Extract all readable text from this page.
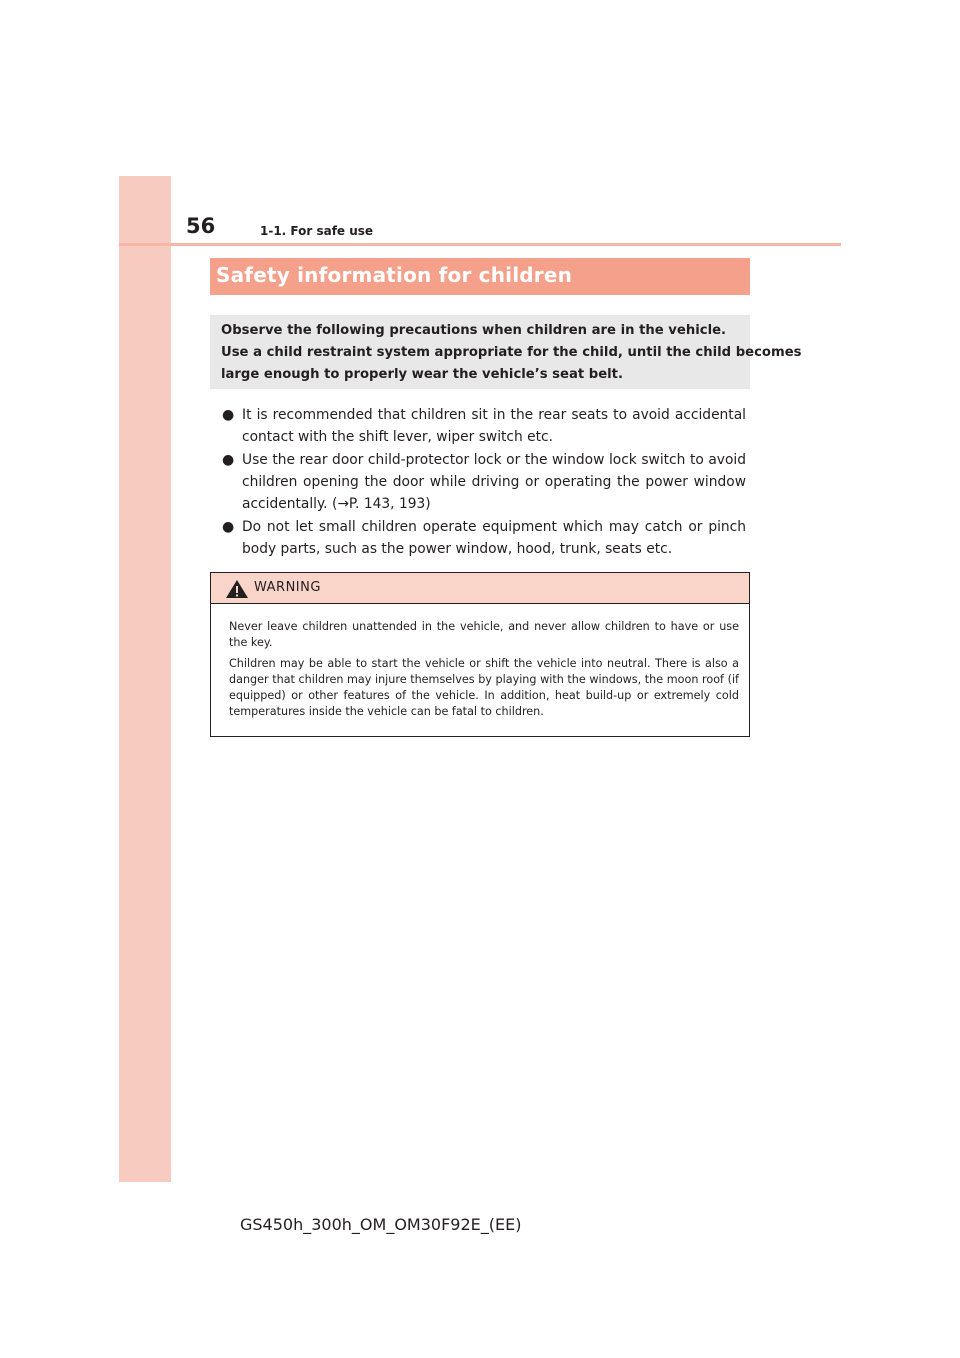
56	1-1. For safe use
Safety information for children
Observe the following precautions when children are in the vehicle.
Use a child restraint system appropriate for the child, until the child becomes
large enough to properly wear the vehicle’s seat belt.
● It is recommended that children sit in the rear seats to avoid accidental contact with the shift lever, wiper switch etc.
● Use the rear door child-protector lock or the window lock switch to avoid children opening the door while driving or operating the power window accidentally. (→P. 143, 193)
● Do not let small children operate equipment which may catch or pinch body parts, such as the power window, hood, trunk, seats etc.
WARNING

Never leave children unattended in the vehicle, and never allow children to have or use the key.

Children may be able to start the vehicle or shift the vehicle into neutral. There is also a danger that children may injure themselves by playing with the windows, the moon roof (if equipped) or other features of the vehicle. In addition, heat build-up or extremely cold temperatures inside the vehicle can be fatal to children.

GS450h_300h_OM_OM30F92E_(EE)
